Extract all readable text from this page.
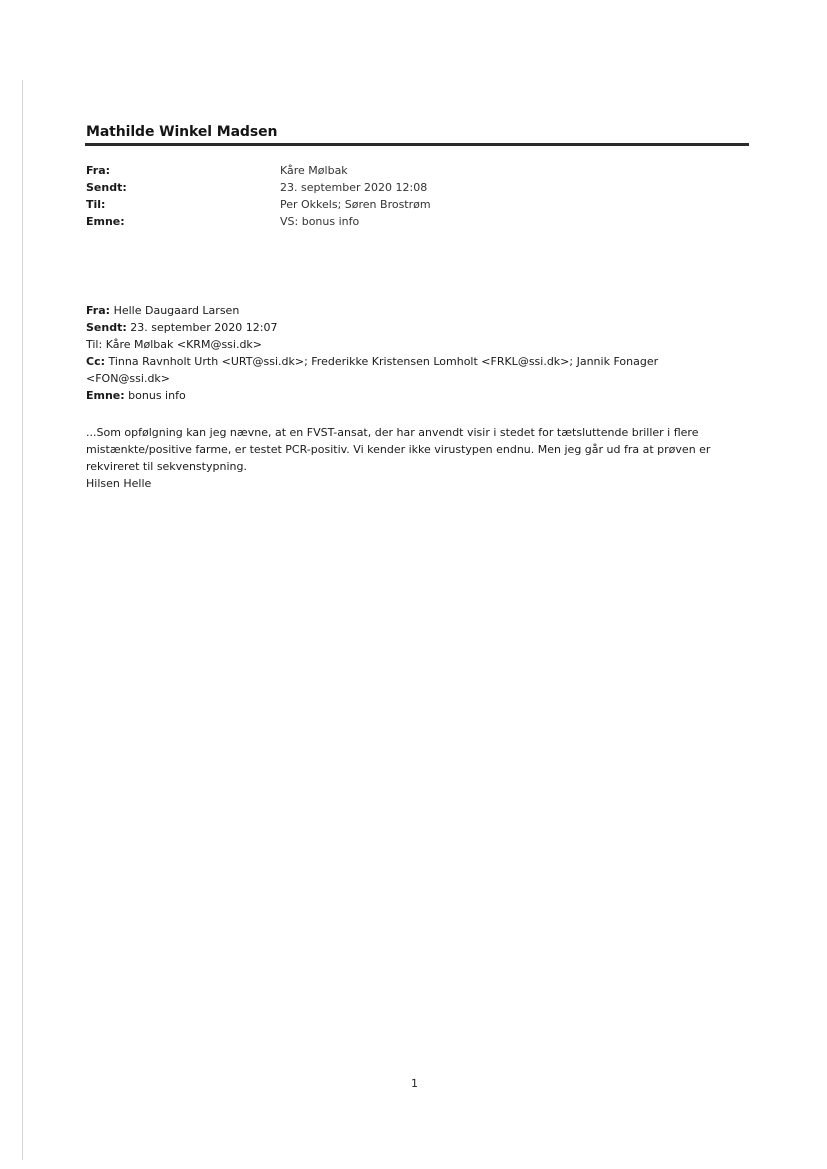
Mathilde Winkel Madsen
Fra:	Kåre Mølbak
Sendt:	23. september 2020 12:08
Til:	Per Okkels; Søren Brostrøm
Emne:	VS: bonus info

Fra: Helle Daugaard Larsen

Sendt: 23. september 2020 12:07

Til: Kåre Mølbak <KRM@ssi.dk>

Cc: Tinna Ravnholt Urth <URT@ssi.dk>; Frederikke Kristensen Lomholt <FRKL@ssi.dk>; Jannik Fonager <FON@ssi.dk>

Emne: bonus info

...Som opfølgning kan jeg nævne, at en FVST-ansat, der har anvendt visir i stedet for tætsluttende briller i flere mistænkte/positive farme, er testet PCR-positiv. Vi kender ikke virustypen endnu. Men jeg går ud fra at prøven er rekvireret til sekvenstypning.

Hilsen Helle

1
